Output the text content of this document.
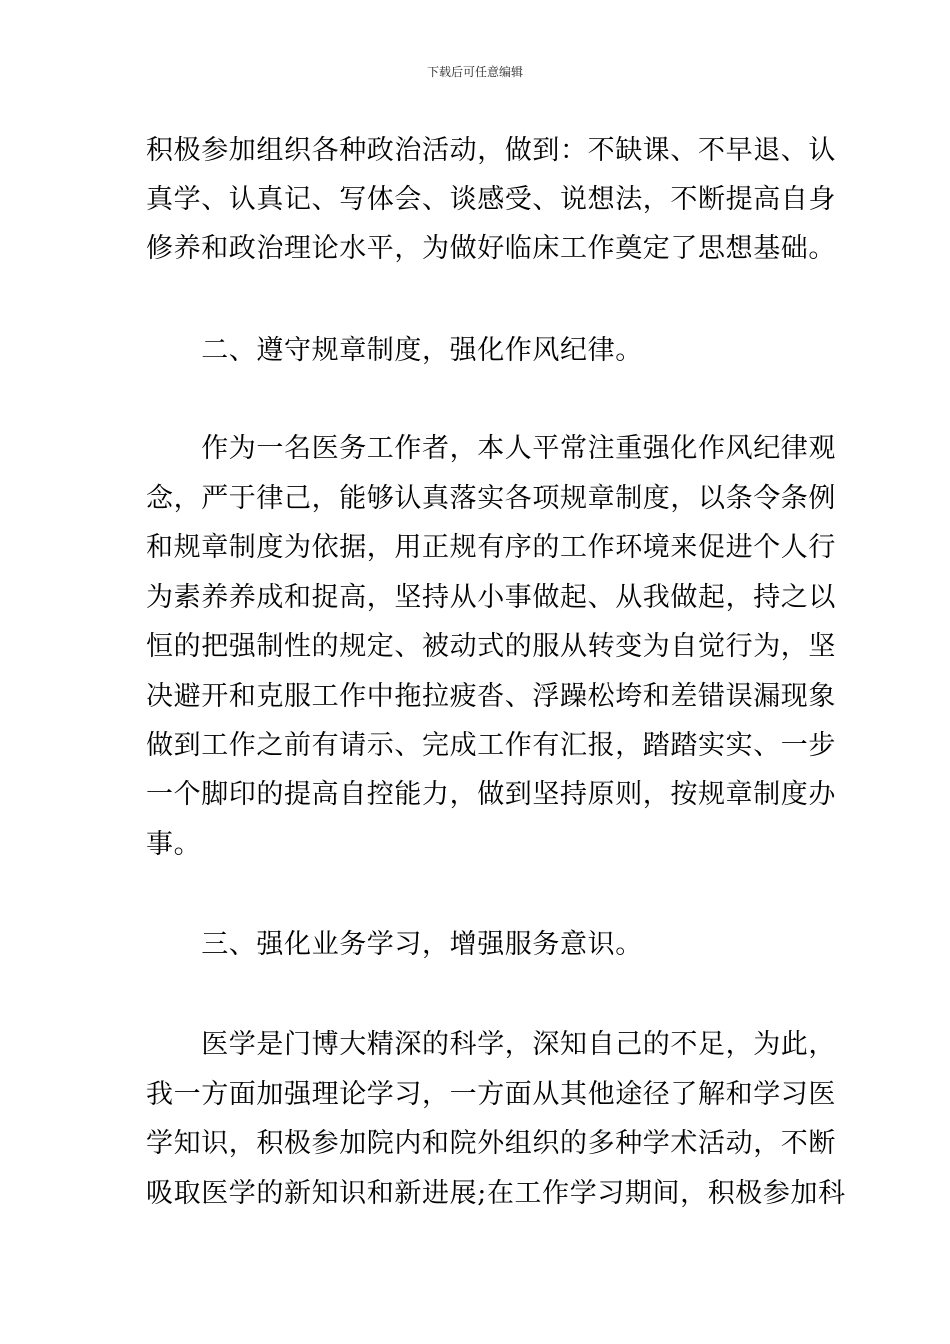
下载后可任意编辑
积极参加组织各种政治活动，做到：不缺课、不早退、认
真学、认真记、写体会、谈感受、说想法，不断提高自身
修养和政治理论水平，为做好临床工作奠定了思想基础。
　　二、遵守规章制度，强化作风纪律。
　　作为一名医务工作者，本人平常注重强化作风纪律观
念，严于律己，能够认真落实各项规章制度，以条令条例
和规章制度为依据，用正规有序的工作环境来促进个人行
为素养养成和捉高，坚持从小事做起、从我做起，持之以
恒的把强制性的规定、被动式的服从转变为自觉行为，坚
决避开和克服工作中拖拉疲沓、浮躁松垮和差错误漏现象
做到工作之前有请示、完成工作有汇报，踏踏实实、一步
一个脚印的提高自控能力，做到坚持原则，按规章制度办
事。
　　三、强化业务学习，增强服务意识。
　　医学是门博大精深的科学，深知自己的不足，为此，
我一方面加强理论学习，一方面从其他途径了解和学习医
学知识，积极参加院内和院外组织的多种学术活动，不断
吸取医学的新知识和新进展;在工作学习期间，积极参加科
